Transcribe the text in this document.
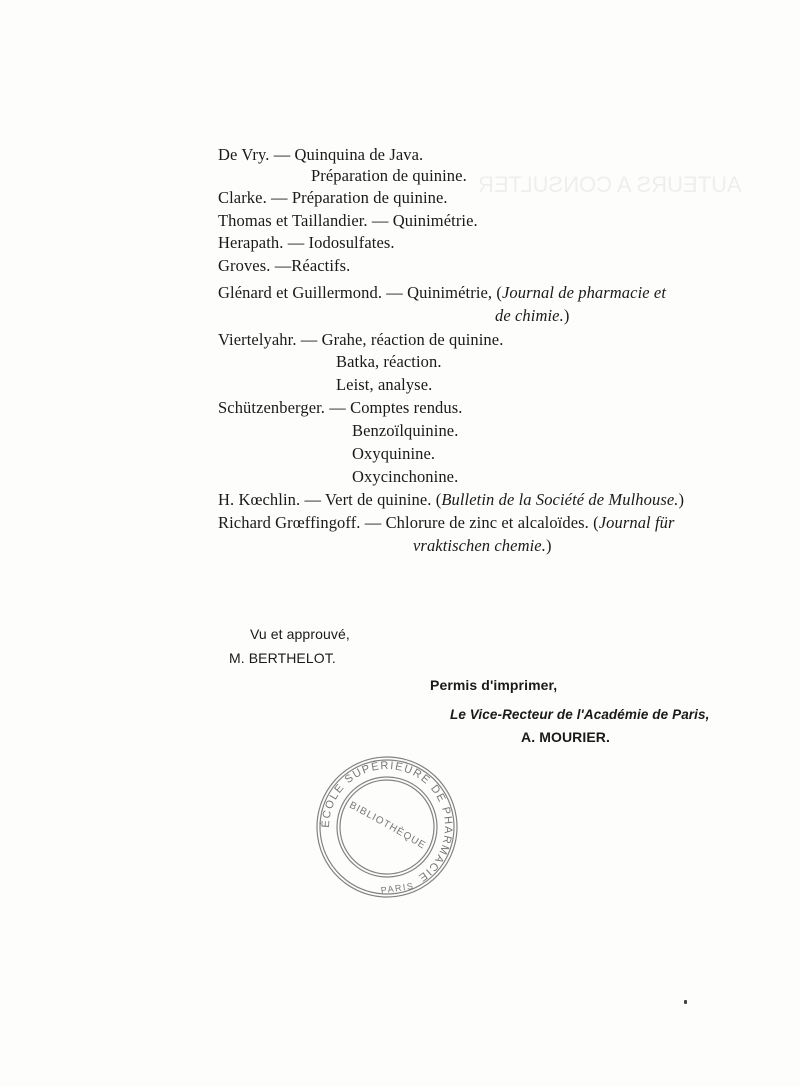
AUTEURS A CONSULTER
De Vry. — Quinquina de Java.
Préparation de quinine.
Clarke. — Préparation de quinine.
Thomas et Taillandier. — Quinimétrie.
Herapath. — Iodosulfates.
Groves. —Réactifs.
Glénard et Guillermond. — Quinimétrie, (Journal de pharmacie et
de chimie.)
Viertelyahr. — Grahe, réaction de quinine.
Batka, réaction.
Leist, analyse.
Schützenberger. — Comptes rendus.
Benzoïlquinine.
Oxyquinine.
Oxycinchonine.
H. Kœchlin. — Vert de quinine. (Bulletin de la Société de Mulhouse.)
Richard Grœffingoff. — Chlorure de zinc et alcaloïdes. (Journal für
vraktischen chemie.)
Vu et approuvé,
M. BERTHELOT.
Permis d'imprimer,
Le Vice-Recteur de l'Académie de Paris,
A. MOURIER.
ÉCOLE SUPÉRIEURE DE PHARMACIE
BIBLIOTHÈQUE
PARIS
